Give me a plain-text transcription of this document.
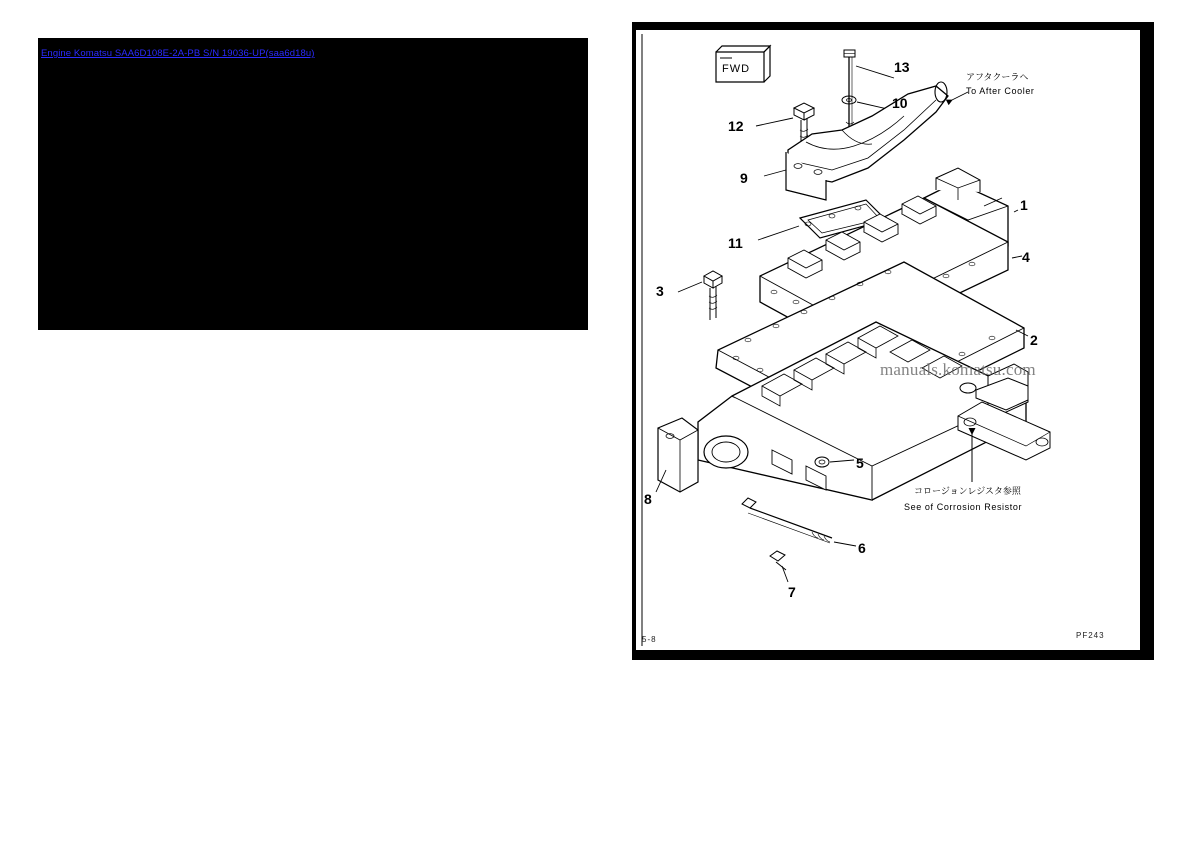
Engine Komatsu SAA6D108E-2A-PB S/N 19036-UP(saa6d18u)
FWD	13
10
12
9
1
11
4
3
2
5
8
6
7
アフタクーラヘ
To After Cooler
コロージョンレジスタ参照
See of Corrosion Resistor
5-8	PF243
manuals.komatsu.com
